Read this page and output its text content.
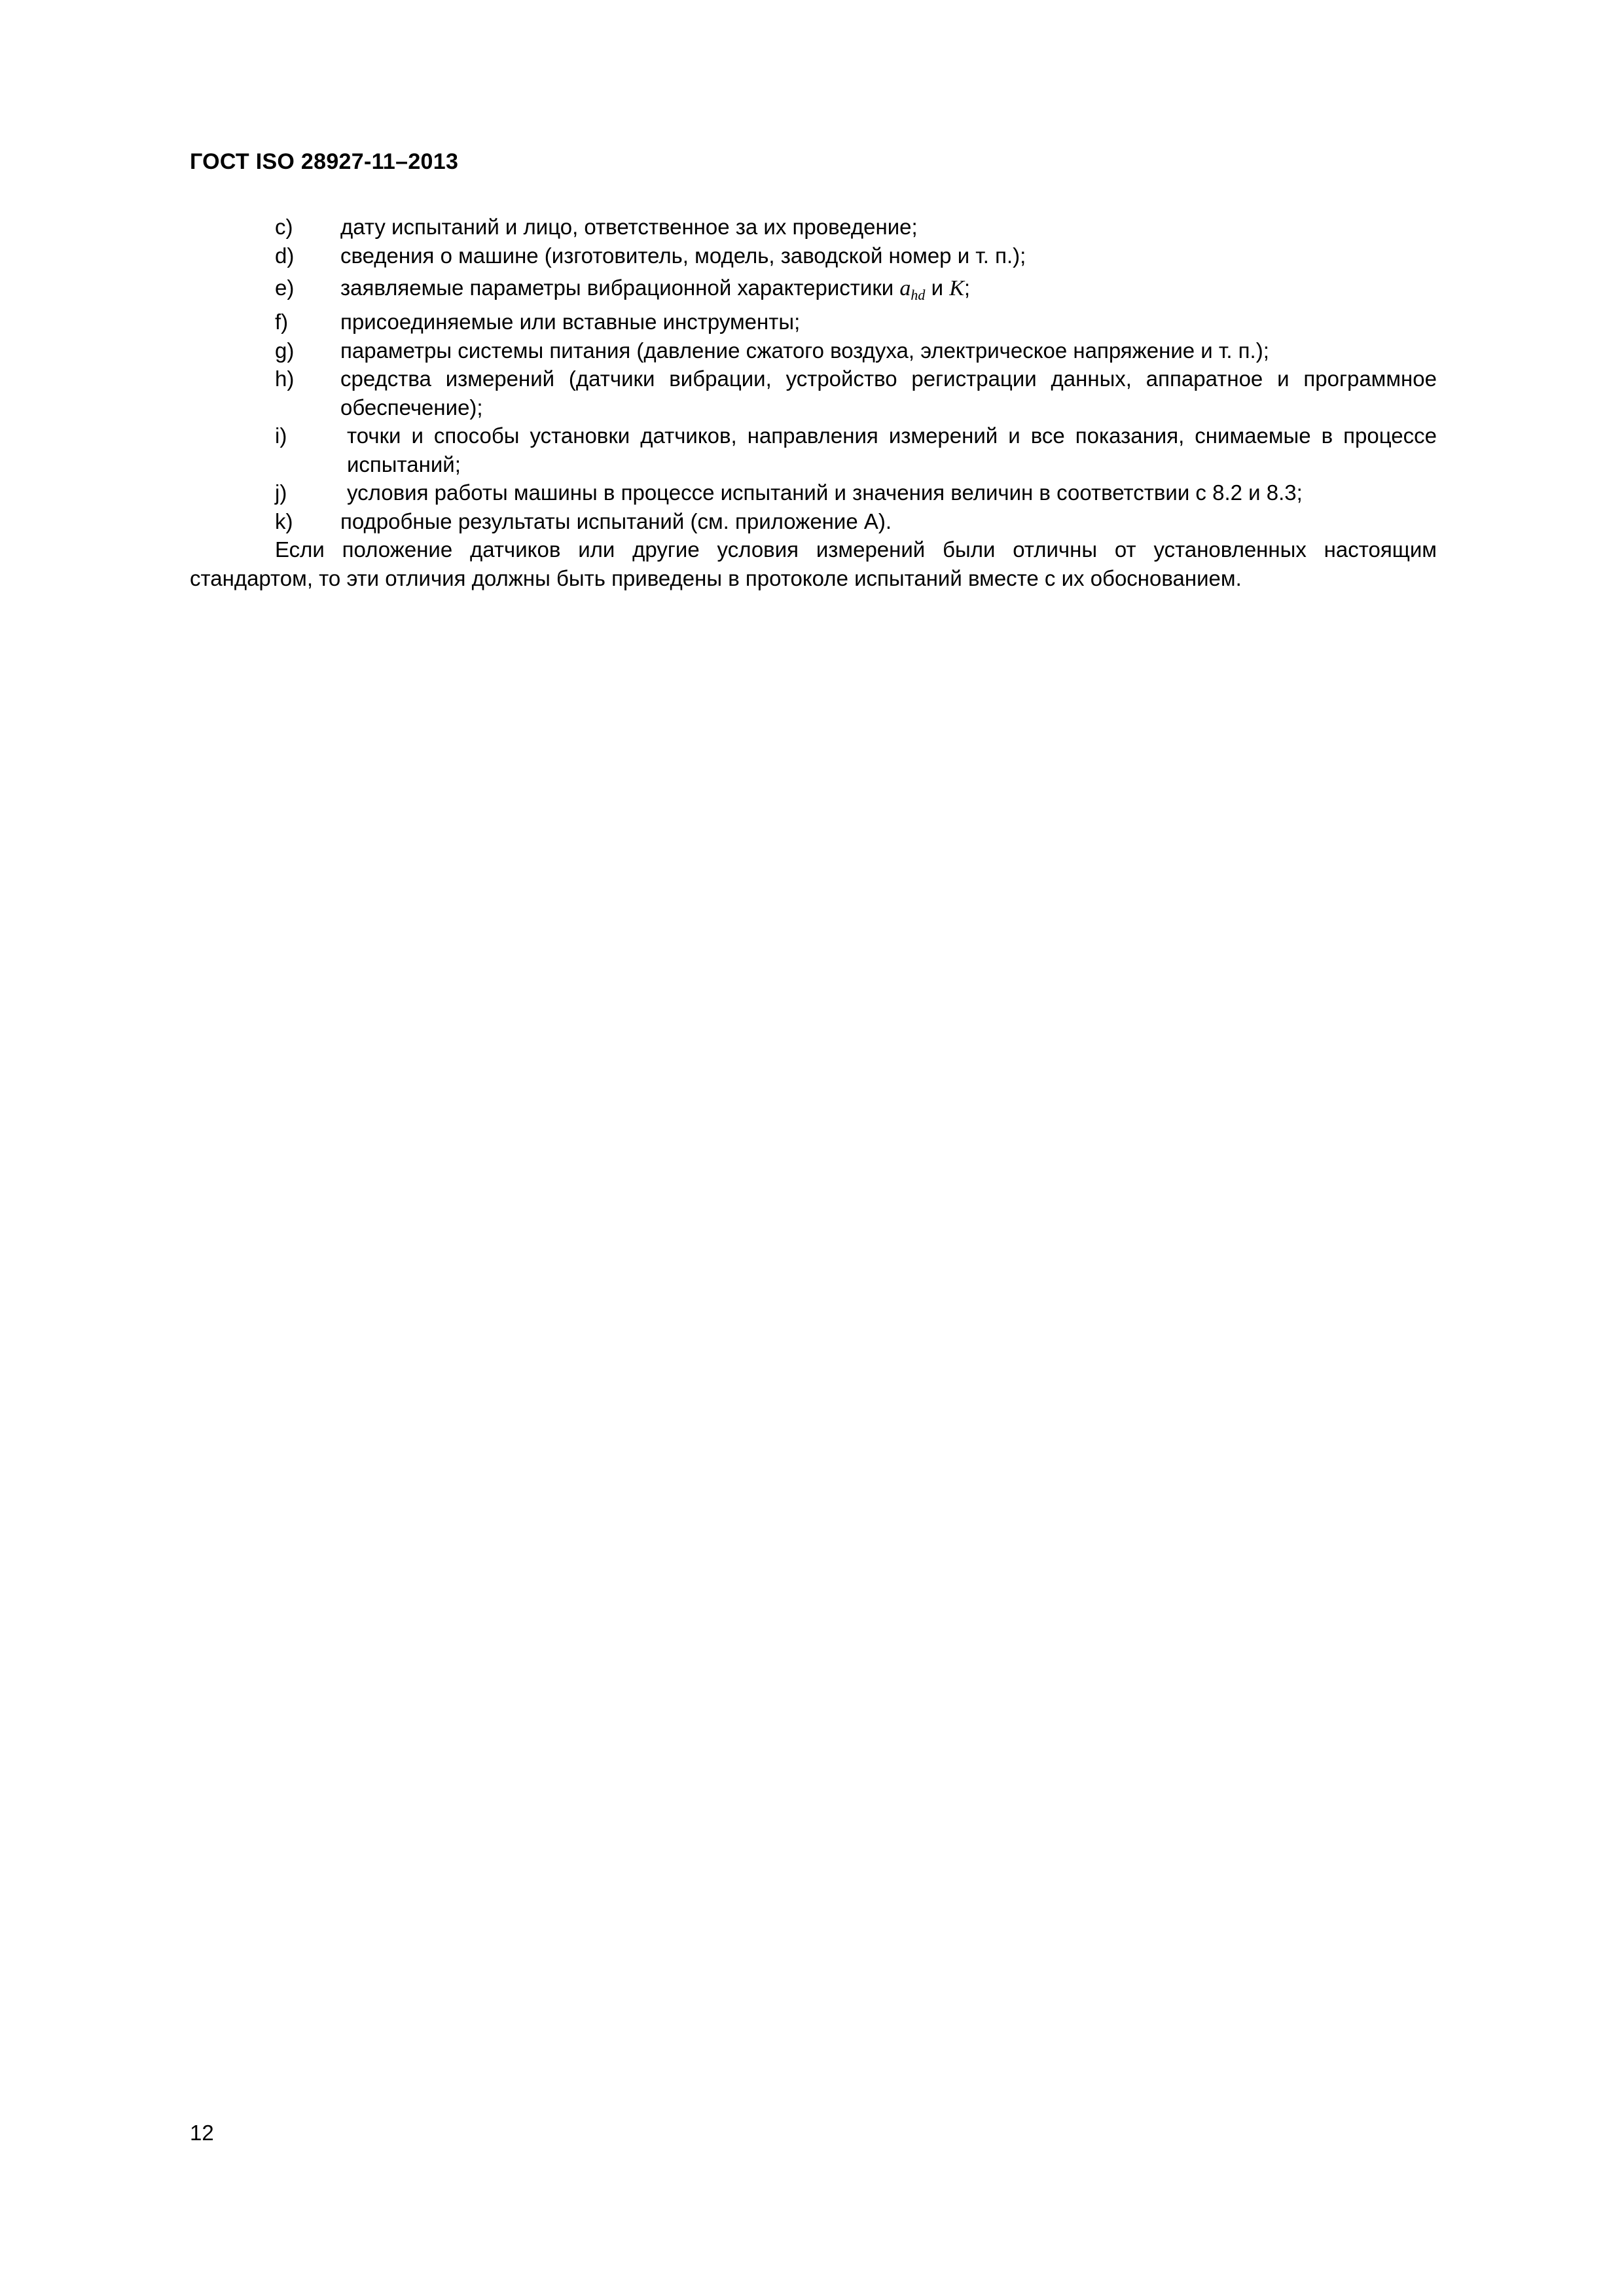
ГОСТ ISO 28927-11–2013
c)	дату испытаний и лицо, ответственное за их проведение;
d)	сведения о машине (изготовитель, модель, заводской номер и т. п.);
e)	заявляемые параметры вибрационной характеристики $a_{hd}$ и K;
f)	присоединяемые или вставные инструменты;
g)	параметры системы питания (давление сжатого воздуха, электрическое напряжение и т. п.);
h)	средства измерений (датчики вибрации, устройство регистрации данных, аппаратное и программное обеспечение);
i)	точки и способы установки датчиков, направления измерений и все показания, снимаемые в процессе испытаний;
j)	условия работы машины в процессе испытаний и значения величин в соответствии с 8.2 и 8.3;
k)	подробные результаты испытаний (см. приложение А).
Если положение датчиков или другие условия измерений были отличны от установленных настоящим стандартом, то эти отличия должны быть приведены в протоколе испытаний вместе с их обоснованием.
12
